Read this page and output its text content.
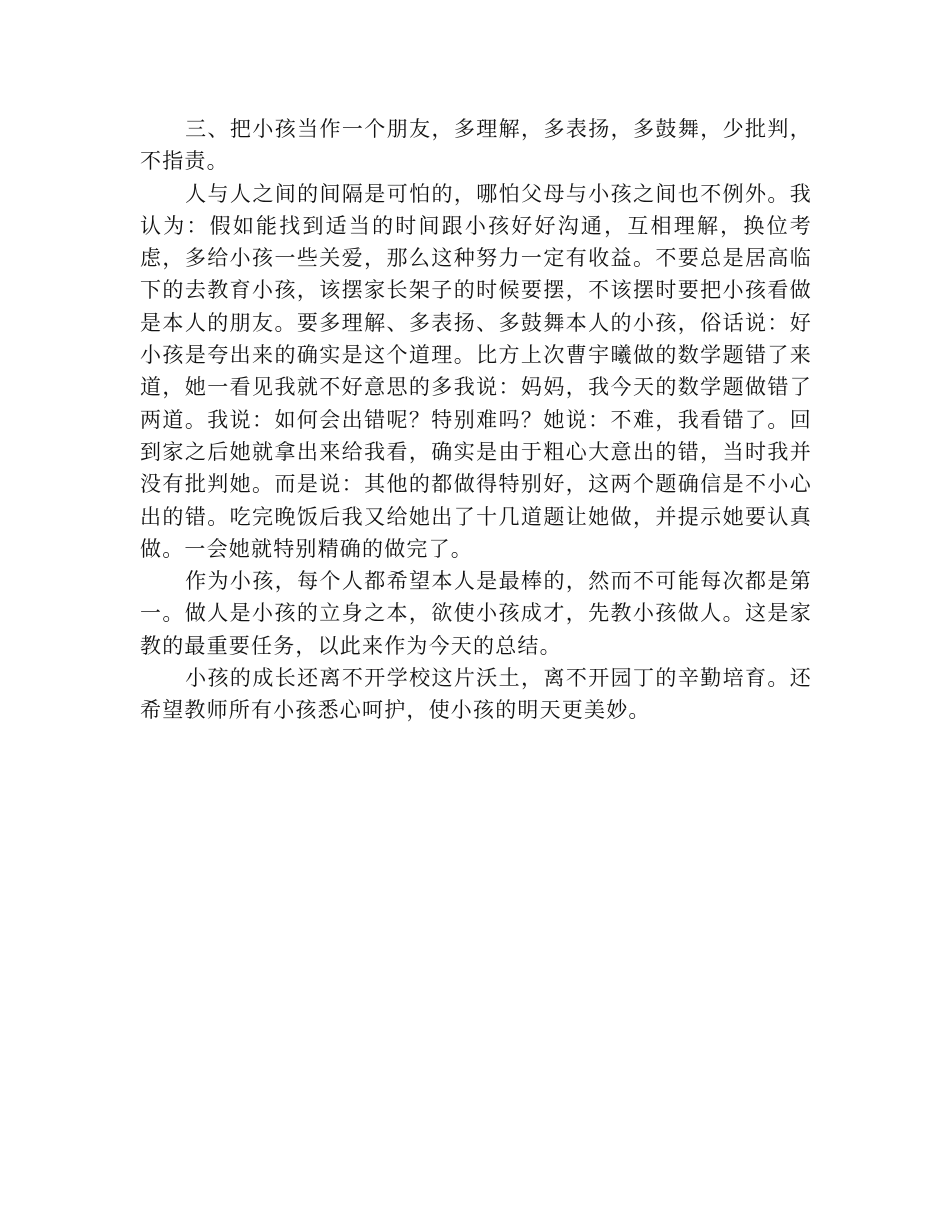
三、把小孩当作一个朋友，多理解，多表扬，多鼓舞，少批判，不指责。

人与人之间的间隔是可怕的，哪怕父母与小孩之间也不例外。我认为：假如能找到适当的时间跟小孩好好沟通，互相理解，换位考虑，多给小孩一些关爱，那么这种努力一定有收益。不要总是居高临下的去教育小孩，该摆家长架子的时候要摆，不该摆时要把小孩看做是本人的朋友。要多理解、多表扬、多鼓舞本人的小孩，俗话说：好小孩是夸出来的确实是这个道理。比方上次曹宇曦做的数学题错了来道，她一看见我就不好意思的多我说：妈妈，我今天的数学题做错了两道。我说：如何会出错呢？特别难吗？她说：不难，我看错了。回到家之后她就拿出来给我看，确实是由于粗心大意出的错，当时我并没有批判她。而是说：其他的都做得特别好，这两个题确信是不小心出的错。吃完晚饭后我又给她出了十几道题让她做，并提示她要认真做。一会她就特别精确的做完了。

作为小孩，每个人都希望本人是最棒的，然而不可能每次都是第一。做人是小孩的立身之本，欲使小孩成才，先教小孩做人。这是家教的最重要任务，以此来作为今天的总结。

小孩的成长还离不开学校这片沃土，离不开园丁的辛勤培育。还希望教师所有小孩悉心呵护，使小孩的明天更美妙。
